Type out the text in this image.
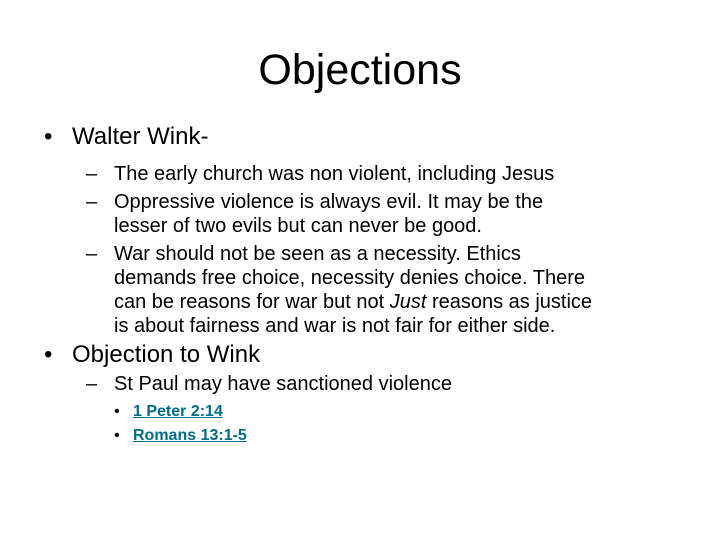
Objections
• Walter Wink-
– The early church was non violent, including Jesus
– Oppressive violence is always evil. It may be the
lesser of two evils but can never be good.
– War should not be seen as a necessity. Ethics
demands free choice, necessity denies choice. There
can be reasons for war but not Just reasons as justice
is about fairness and war is not fair for either side.
• Objection to Wink
– St Paul may have sanctioned violence
• 1 Peter 2:14
• Romans 13:1-5
